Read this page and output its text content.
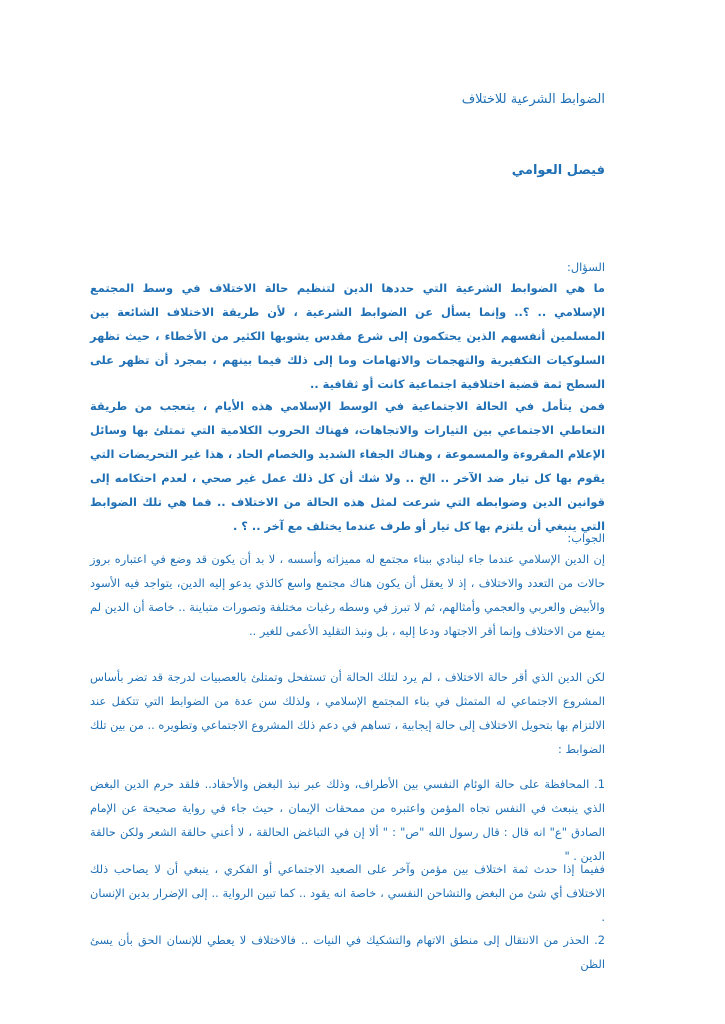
الضوابط الشرعية للاختلاف
فيصل العوامي

السؤال:

ما هي الضوابط الشرعية التي حددها الدين لتنظيم حالة الاختلاف في وسط المجتمع الإسلامي .. ؟.. وإنما يسأل عن الضوابط الشرعية ، لأن طريقة الاختلاف الشائعة بين المسلمين أنفسهم الذين يحتكمون إلى شرع مقدس يشوبها الكثير من الأخطاء ، حيث تظهر السلوكيات التكفيرية والتهجمات والاتهامات وما إلى ذلك فيما بينهم ، بمجرد أن تظهر على السطح ثمة قضية اختلافية اجتماعية كانت أو ثقافية ..

فمن يتأمل في الحالة الاجتماعية في الوسط الإسلامي هذه الأيام ، يتعجب من طريقة التعاطي الاجتماعي بين التيارات والاتجاهات، فهناك الحروب الكلامية التي تمتلئ بها وسائل الإعلام المقروءة والمسموعة ، وهناك الجفاء الشديد والخصام الحاد ، هذا غير التحريضات التي يقوم بها كل تيار ضد الآخر .. الخ .. ولا شك أن كل ذلك عمل غير صحي ، لعدم احتكامه إلى قوانين الدين وضوابطه التي شرعت لمثل هذه الحالة من الاختلاف .. فما هي تلك الضوابط التي ينبغي أن يلتزم بها كل تيار أو طرف عندما يختلف مع آخر .. ؟ .

الجواب:

إن الدين الإسلامي عندما جاء لينادي ببناء مجتمع له مميزاته وأسسه ، لا بد أن يكون قد وضع في اعتباره بروز حالات من التعدد والاختلاف ، إذ لا يعقل أن يكون هناك مجتمع واسع كالذي يدعو إليه الدين، يتواجد فيه الأسود والأبيض والعربي والعجمي وأمثالهم، ثم لا تبرز في وسطه رغبات مختلفة وتصورات متباينة .. خاصة أن الدين لم يمنع من الاختلاف وإنما أقر الاجتهاد ودعا إليه ، بل ونبذ التقليد الأعمى للغير ..

لكن الدين الذي أقر حالة الاختلاف ، لم يرد لتلك الحالة أن تستفحل وتمتلئ بالعصبيات لدرجة قد تضر بأساس المشروع الاجتماعي له المتمثل في بناء المجتمع الإسلامي ، ولذلك سن عدة من الضوابط التي تتكفل عند الالتزام بها بتحويل الاختلاف إلى حالة إيجابية ، تساهم في دعم ذلك المشروع الاجتماعي وتطويره .. من بين تلك الضوابط :

1. المحافظة على حالة الوئام النفسي بين الأطراف، وذلك عبر نبذ البغض والأحقاد.. فلقد حرم الدين البغض الذي ينبعث في النفس تجاه المؤمن واعتبره من ممحقات الإيمان ، حيث جاء في رواية صحيحة عن الإمام الصادق "ع" انه قال : قال رسول الله "ص" : " ألا إن في التباغض الحالقة ، لا أعني حالقة الشعر ولكن حالقة الدين . "

ففيما إذا حدث ثمة اختلاف بين مؤمن وآخر على الصعيد الاجتماعي أو الفكري ، ينبغي أن لا يصاحب ذلك الاختلاف أي شئ من البغض والتشاحن النفسي ، خاصة انه يقود .. كما تبين الرواية .. إلى الإضرار بدين الإنسان .

2. الحذر من الانتقال إلى منطق الاتهام والتشكيك في النيات .. فالاختلاف لا يعطي للإنسان الحق بأن يسئ الظن
